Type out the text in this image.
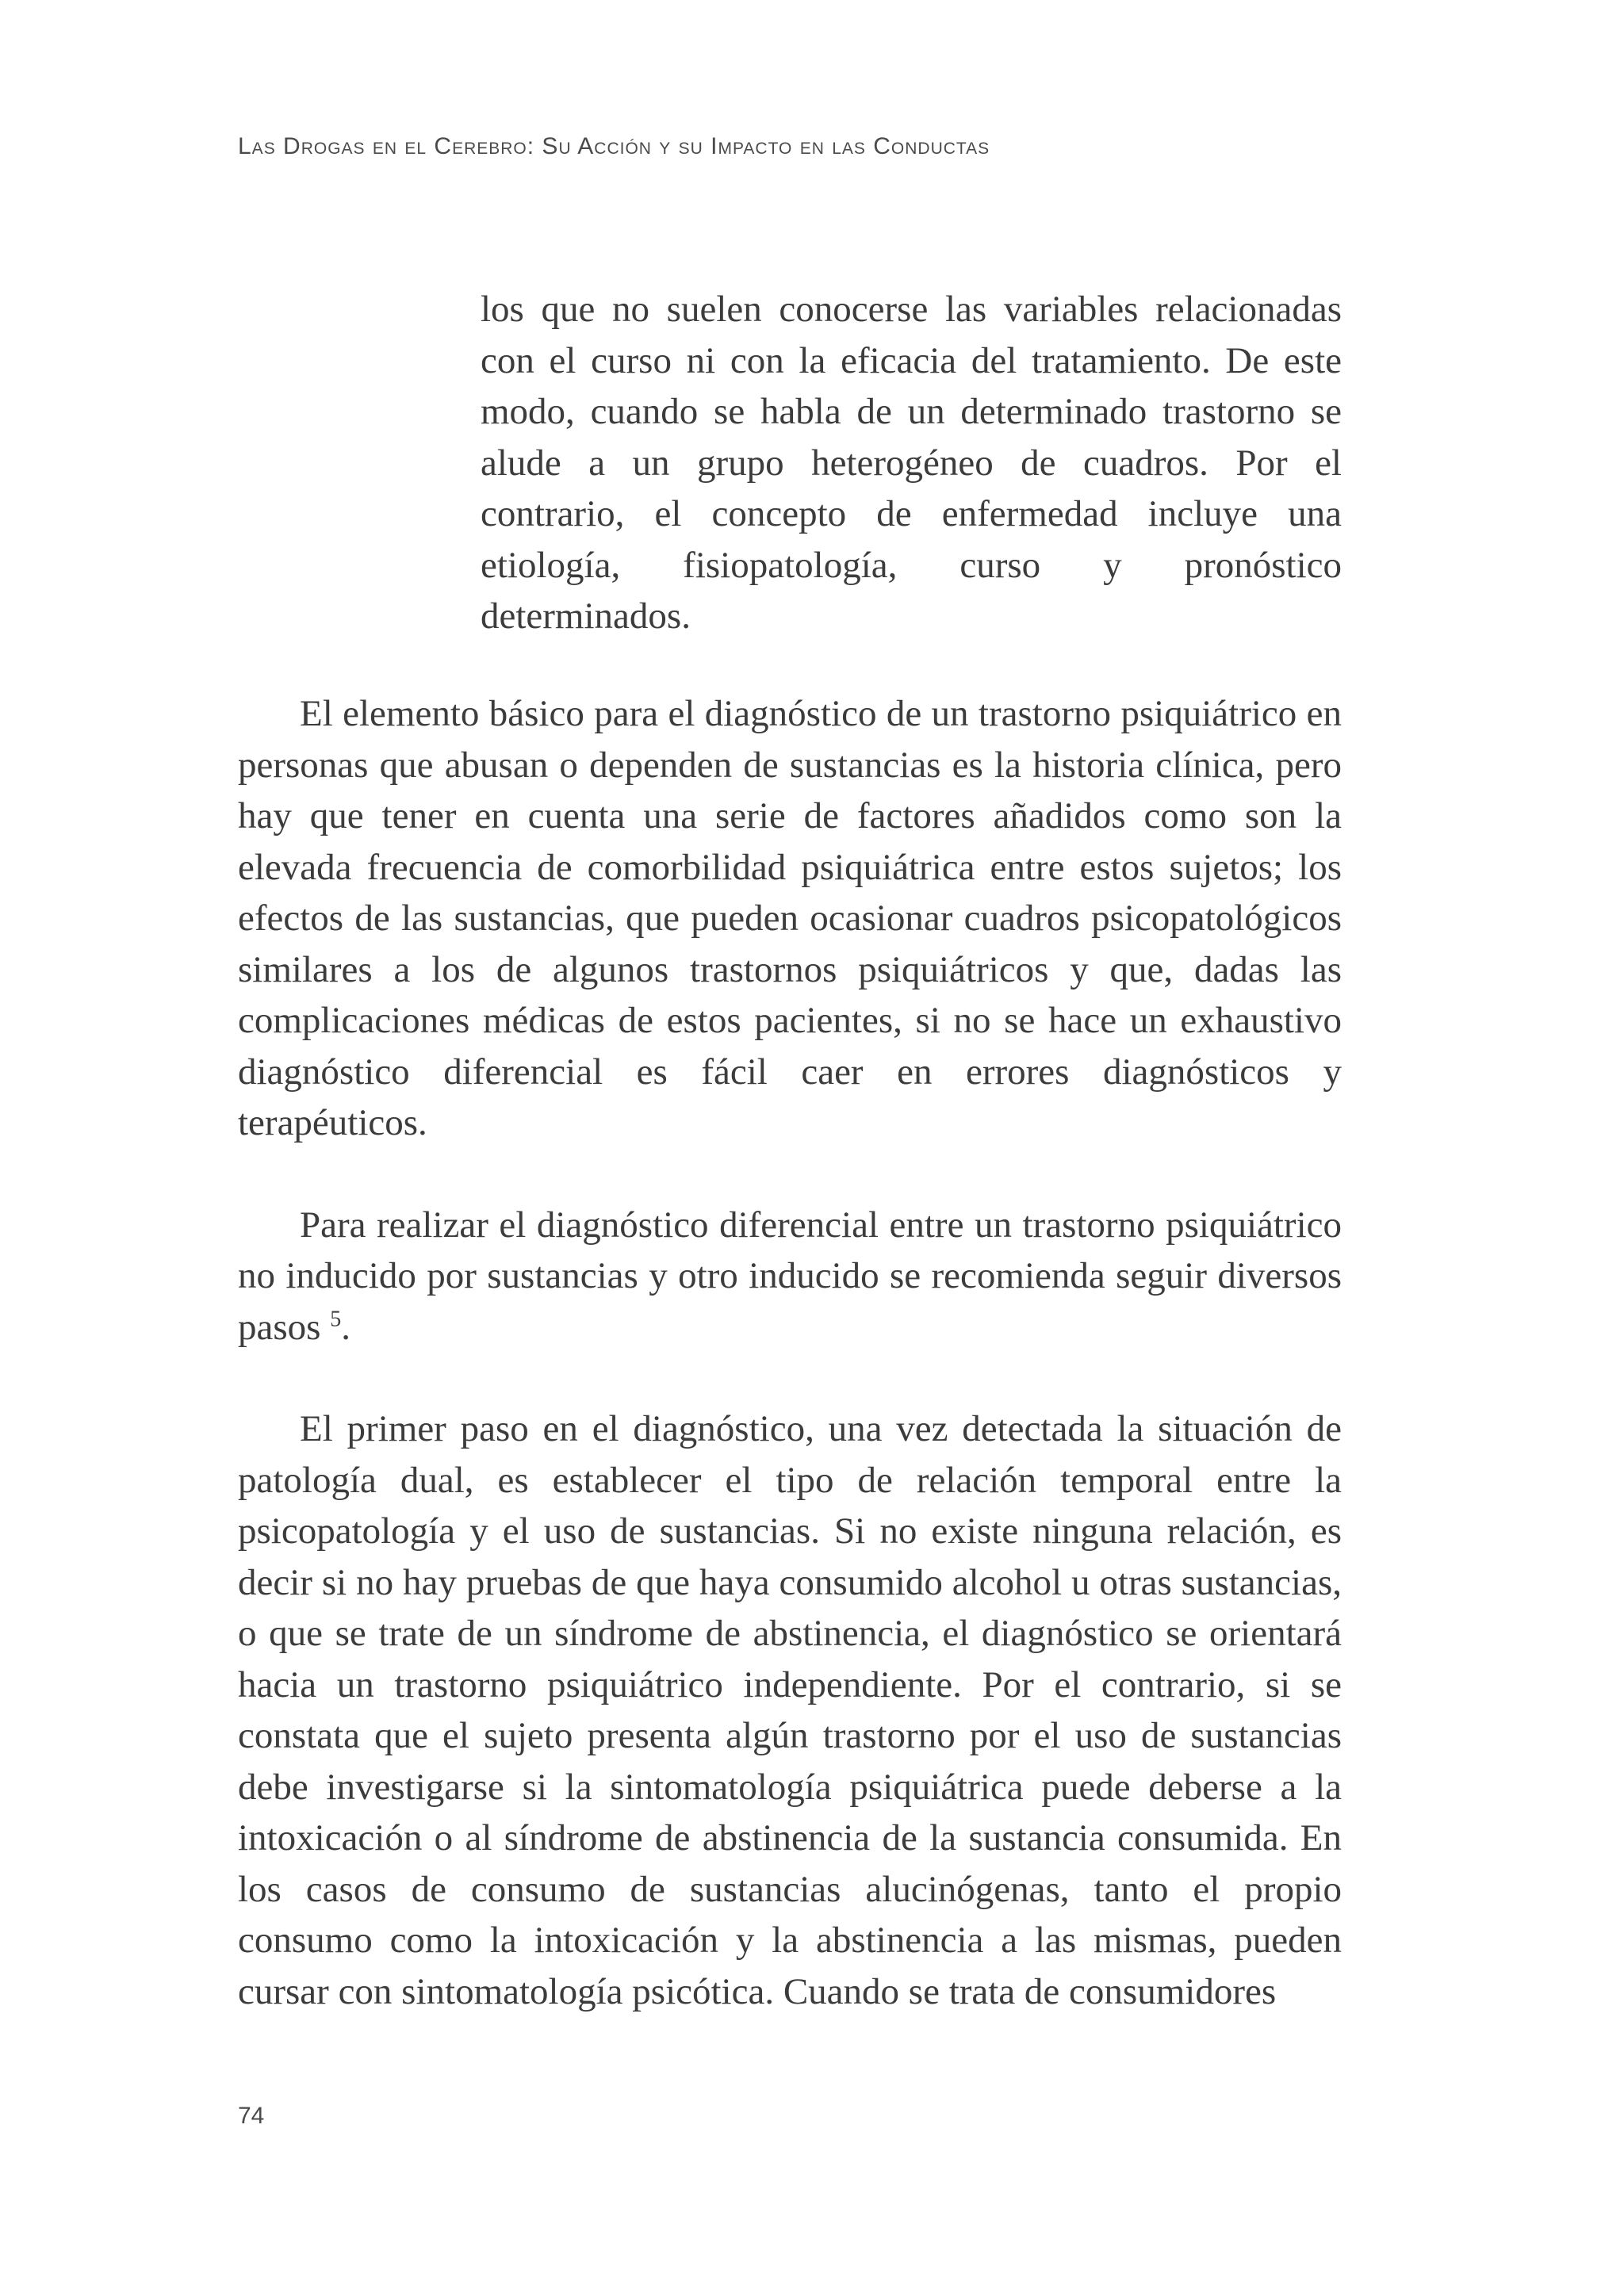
Las Drogas en el Cerebro: Su Acción y su Impacto en las Conductas

los que no suelen conocerse las variables relacionadas con el curso ni con la eficacia del tratamiento. De este modo, cuando se habla de un determinado trastorno se alude a un grupo heterogéneo de cuadros. Por el contrario, el concepto de enfermedad incluye una etiología, fisiopatología, curso y pronóstico determinados.

El elemento básico para el diagnóstico de un trastorno psiquiátrico en personas que abusan o dependen de sustancias es la historia clínica, pero hay que tener en cuenta una serie de factores añadidos como son la elevada frecuencia de comorbilidad psiquiátrica entre estos sujetos; los efectos de las sustancias, que pueden ocasionar cuadros psicopatológicos similares a los de algunos trastornos psiquiátricos y que, dadas las complicaciones médicas de estos pacientes, si no se hace un exhaustivo diagnóstico diferencial es fácil caer en errores diagnósticos y terapéuticos.

Para realizar el diagnóstico diferencial entre un trastorno psiquiátrico no inducido por sustancias y otro inducido se recomienda seguir diversos pasos $^5$.

El primer paso en el diagnóstico, una vez detectada la situación de patología dual, es establecer el tipo de relación temporal entre la psicopatología y el uso de sustancias. Si no existe ninguna relación, es decir si no hay pruebas de que haya consumido alcohol u otras sustancias, o que se trate de un síndrome de abstinencia, el diagnóstico se orientará hacia un trastorno psiquiátrico independiente. Por el contrario, si se constata que el sujeto presenta algún trastorno por el uso de sustancias debe investigarse si la sintomatología psiquiátrica puede deberse a la intoxicación o al síndrome de abstinencia de la sustancia consumida. En los casos de consumo de sustancias alucinógenas, tanto el propio consumo como la intoxicación y la abstinencia a las mismas, pueden cursar con sintomatología psicótica. Cuando se trata de consumidores

74
